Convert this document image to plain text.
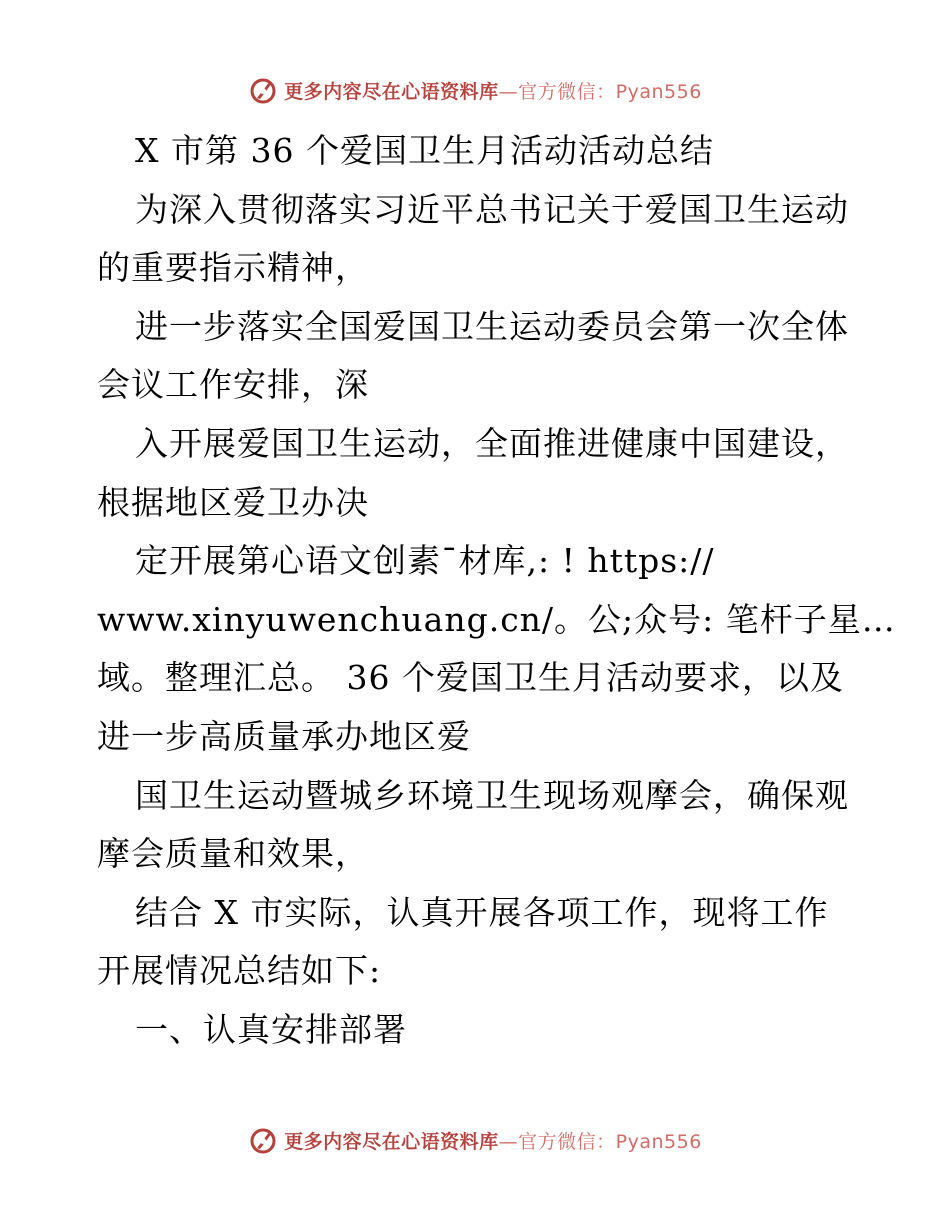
更多内容尽在心语资料库—官方微信：Pyan556

X 市第 36 个爱国卫生月活动活动总结

为深入贯彻落实习近平总书记关于爱国卫生运动

的重要指示精神，

进一步落实全国爱国卫生运动委员会第一次全体

会议工作安排，深

入开展爱国卫生运动，全面推进健康中国建设，

根据地区爱卫办决

定开展第心语文创素¯材库,: ! https://

www.xinyuwenchuang.cn/。公;众号: 笔杆子星…

域。整理汇总。 36 个爱国卫生月活动要求，以及

进一步高质量承办地区爱

国卫生运动暨城乡环境卫生现场观摩会，确保观

摩会质量和效果，

结合 X 市实际，认真开展各项工作，现将工作

开展情况总结如下:

一、认真安排部署

更多内容尽在心语资料库—官方微信：Pyan556
